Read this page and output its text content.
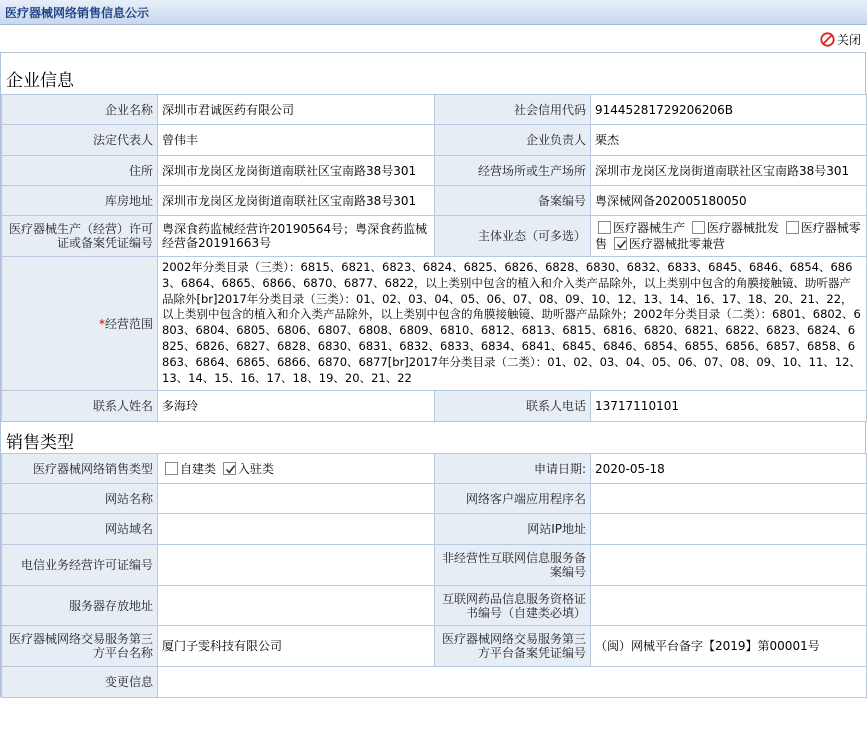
医疗器械网络销售信息公示
关闭
企业信息
企业名称	深圳市君诚医药有限公司	社会信用代码	91445281729206206B
法定代表人	曾伟丰	企业负责人	栗杰
住所	深圳市龙岗区龙岗街道南联社区宝南路38号301	经营场所或生产场所	深圳市龙岗区龙岗街道南联社区宝南路38号301
库房地址	深圳市龙岗区龙岗街道南联社区宝南路38号301	备案编号	粤深械网备202005180050
医疗器械生产（经营）许可证或备案凭证编号	粤深食药监械经营许20190564号；粤深食药监械经营备20191663号	主体业态（可多选）	医疗器械生产 医疗器械批发 医疗器械零售 医疗器械批零兼营
*经营范围	2002年分类目录（三类）：6815、6821、6823、6824、6825、6826、6828、6830、6832、6833、6845、6846、6854、6863、6864、6865、6866、6870、6877、6822，以上类别中包含的植入和介入类产品除外，以上类别中包含的角膜接触镜、助听器产品除外[br]2017年分类目录（三类）：01、02、03、04、05、06、07、08、09、10、12、13、14、16、17、18、20、21、22，以上类别中包含的植入和介入类产品除外，以上类别中包含的角膜接触镜、助听器产品除外；2002年分类目录（二类）：6801、6802、6803、6804、6805、6806、6807、6808、6809、6810、6812、6813、6815、6816、6820、6821、6822、6823、6824、6825、6826、6827、6828、6830、6831、6832、6833、6834、6841、6845、6846、6854、6855、6856、6857、6858、6863、6864、6865、6866、6870、6877[br]2017年分类目录（二类）：01、02、03、04、05、06、07、08、09、10、11、12、13、14、15、16、17、18、19、20、21、22		
联系人姓名	多海玲	联系人电话	13717110101
销售类型
医疗器械网络销售类型	自建类 入驻类	申请日期:	2020-05-18
网站名称		网络客户端应用程序名	
网站域名		网站IP地址	
电信业务经营许可证编号		非经营性互联网信息服务备案编号	
服务器存放地址		互联网药品信息服务资格证书编号（自建类必填）	
医疗器械网络交易服务第三方平台名称	厦门子雯科技有限公司	医疗器械网络交易服务第三方平台备案凭证编号	（闽）网械平台备字【2019】第00001号
变更信息			
